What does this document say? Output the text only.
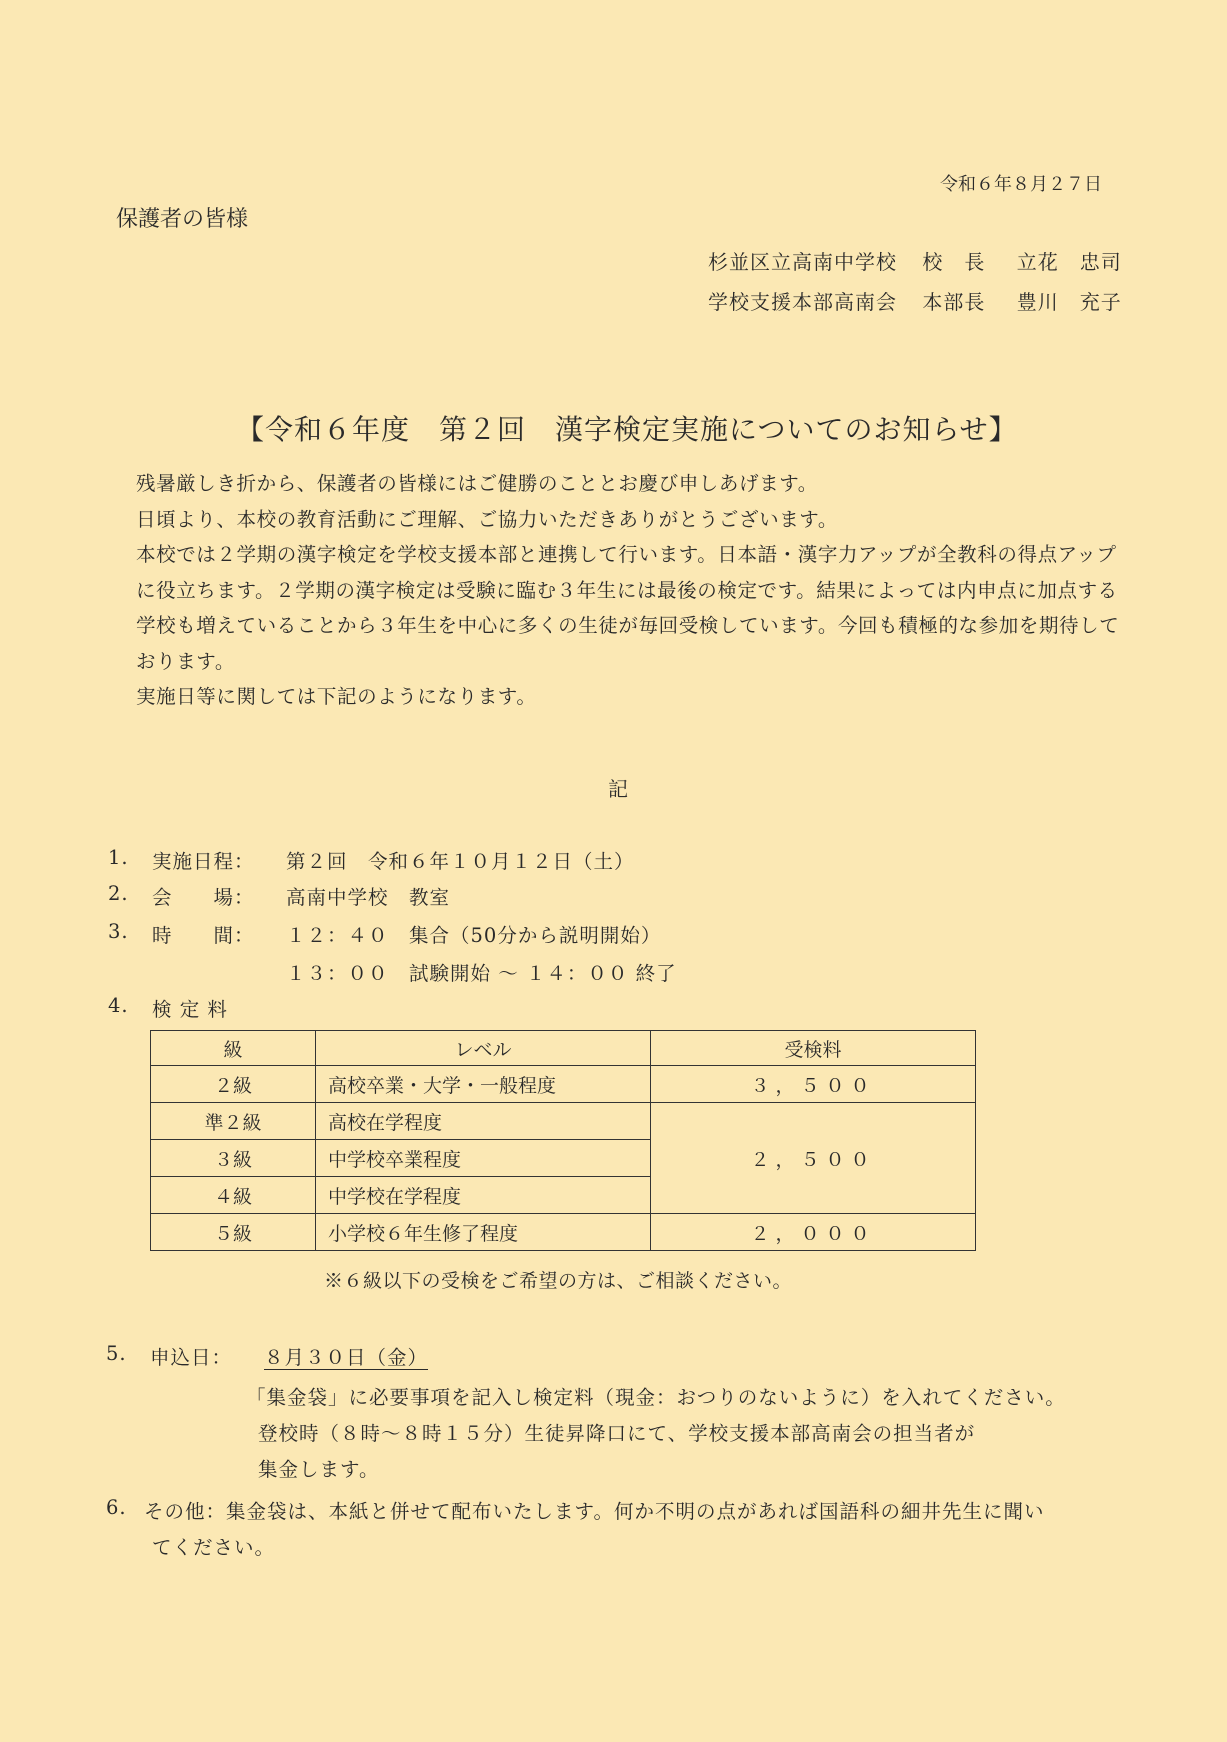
令和６年８月２７日
保護者の皆様
杉並区立高南中学校 校　長 立花　忠司
学校支援本部高南会 本部長 豊川　充子
【令和６年度　第２回　漢字検定実施についてのお知らせ】

残暑厳しき折から、保護者の皆様にはご健勝のこととお慶び申しあげます。

日頃より、本校の教育活動にご理解、ご協力いただきありがとうございます。

本校では２学期の漢字検定を学校支援本部と連携して行います。日本語・漢字力アップが全教科の得点アップに役立ちます。２学期の漢字検定は受験に臨む３年生には最後の検定です。結果によっては内申点に加点する学校も増えていることから３年生を中心に多くの生徒が毎回受検しています。今回も積極的な参加を期待しております。

実施日等に関しては下記のようになります。

記
1. 実施日程： 第２回　令和６年１０月１２日（土）
2. 会　　場： 高南中学校　教室
3. 時　　間： １２：４０　集合（50分から説明開始）
１３：００　試験開始 ～ １４：００ 終了
4. 検 定 料
級	レベル	受検料
２級	高校卒業・大学・一般程度	３，５００
準２級	高校在学程度	２，５００
３級	中学校卒業程度	
４級	中学校在学程度	
５級	小学校６年生修了程度	２，０００
※６級以下の受検をご希望の方は、ご相談ください。
5. 申込日： ８月３０日（金）
「集金袋」に必要事項を記入し検定料（現金：おつりのないように）を入れてください。
登校時（８時～８時１５分）生徒昇降口にて、学校支援本部高南会の担当者が
集金します。
6. その他：集金袋は、本紙と併せて配布いたします。何か不明の点があれば国語科の細井先生に聞い
てください。
